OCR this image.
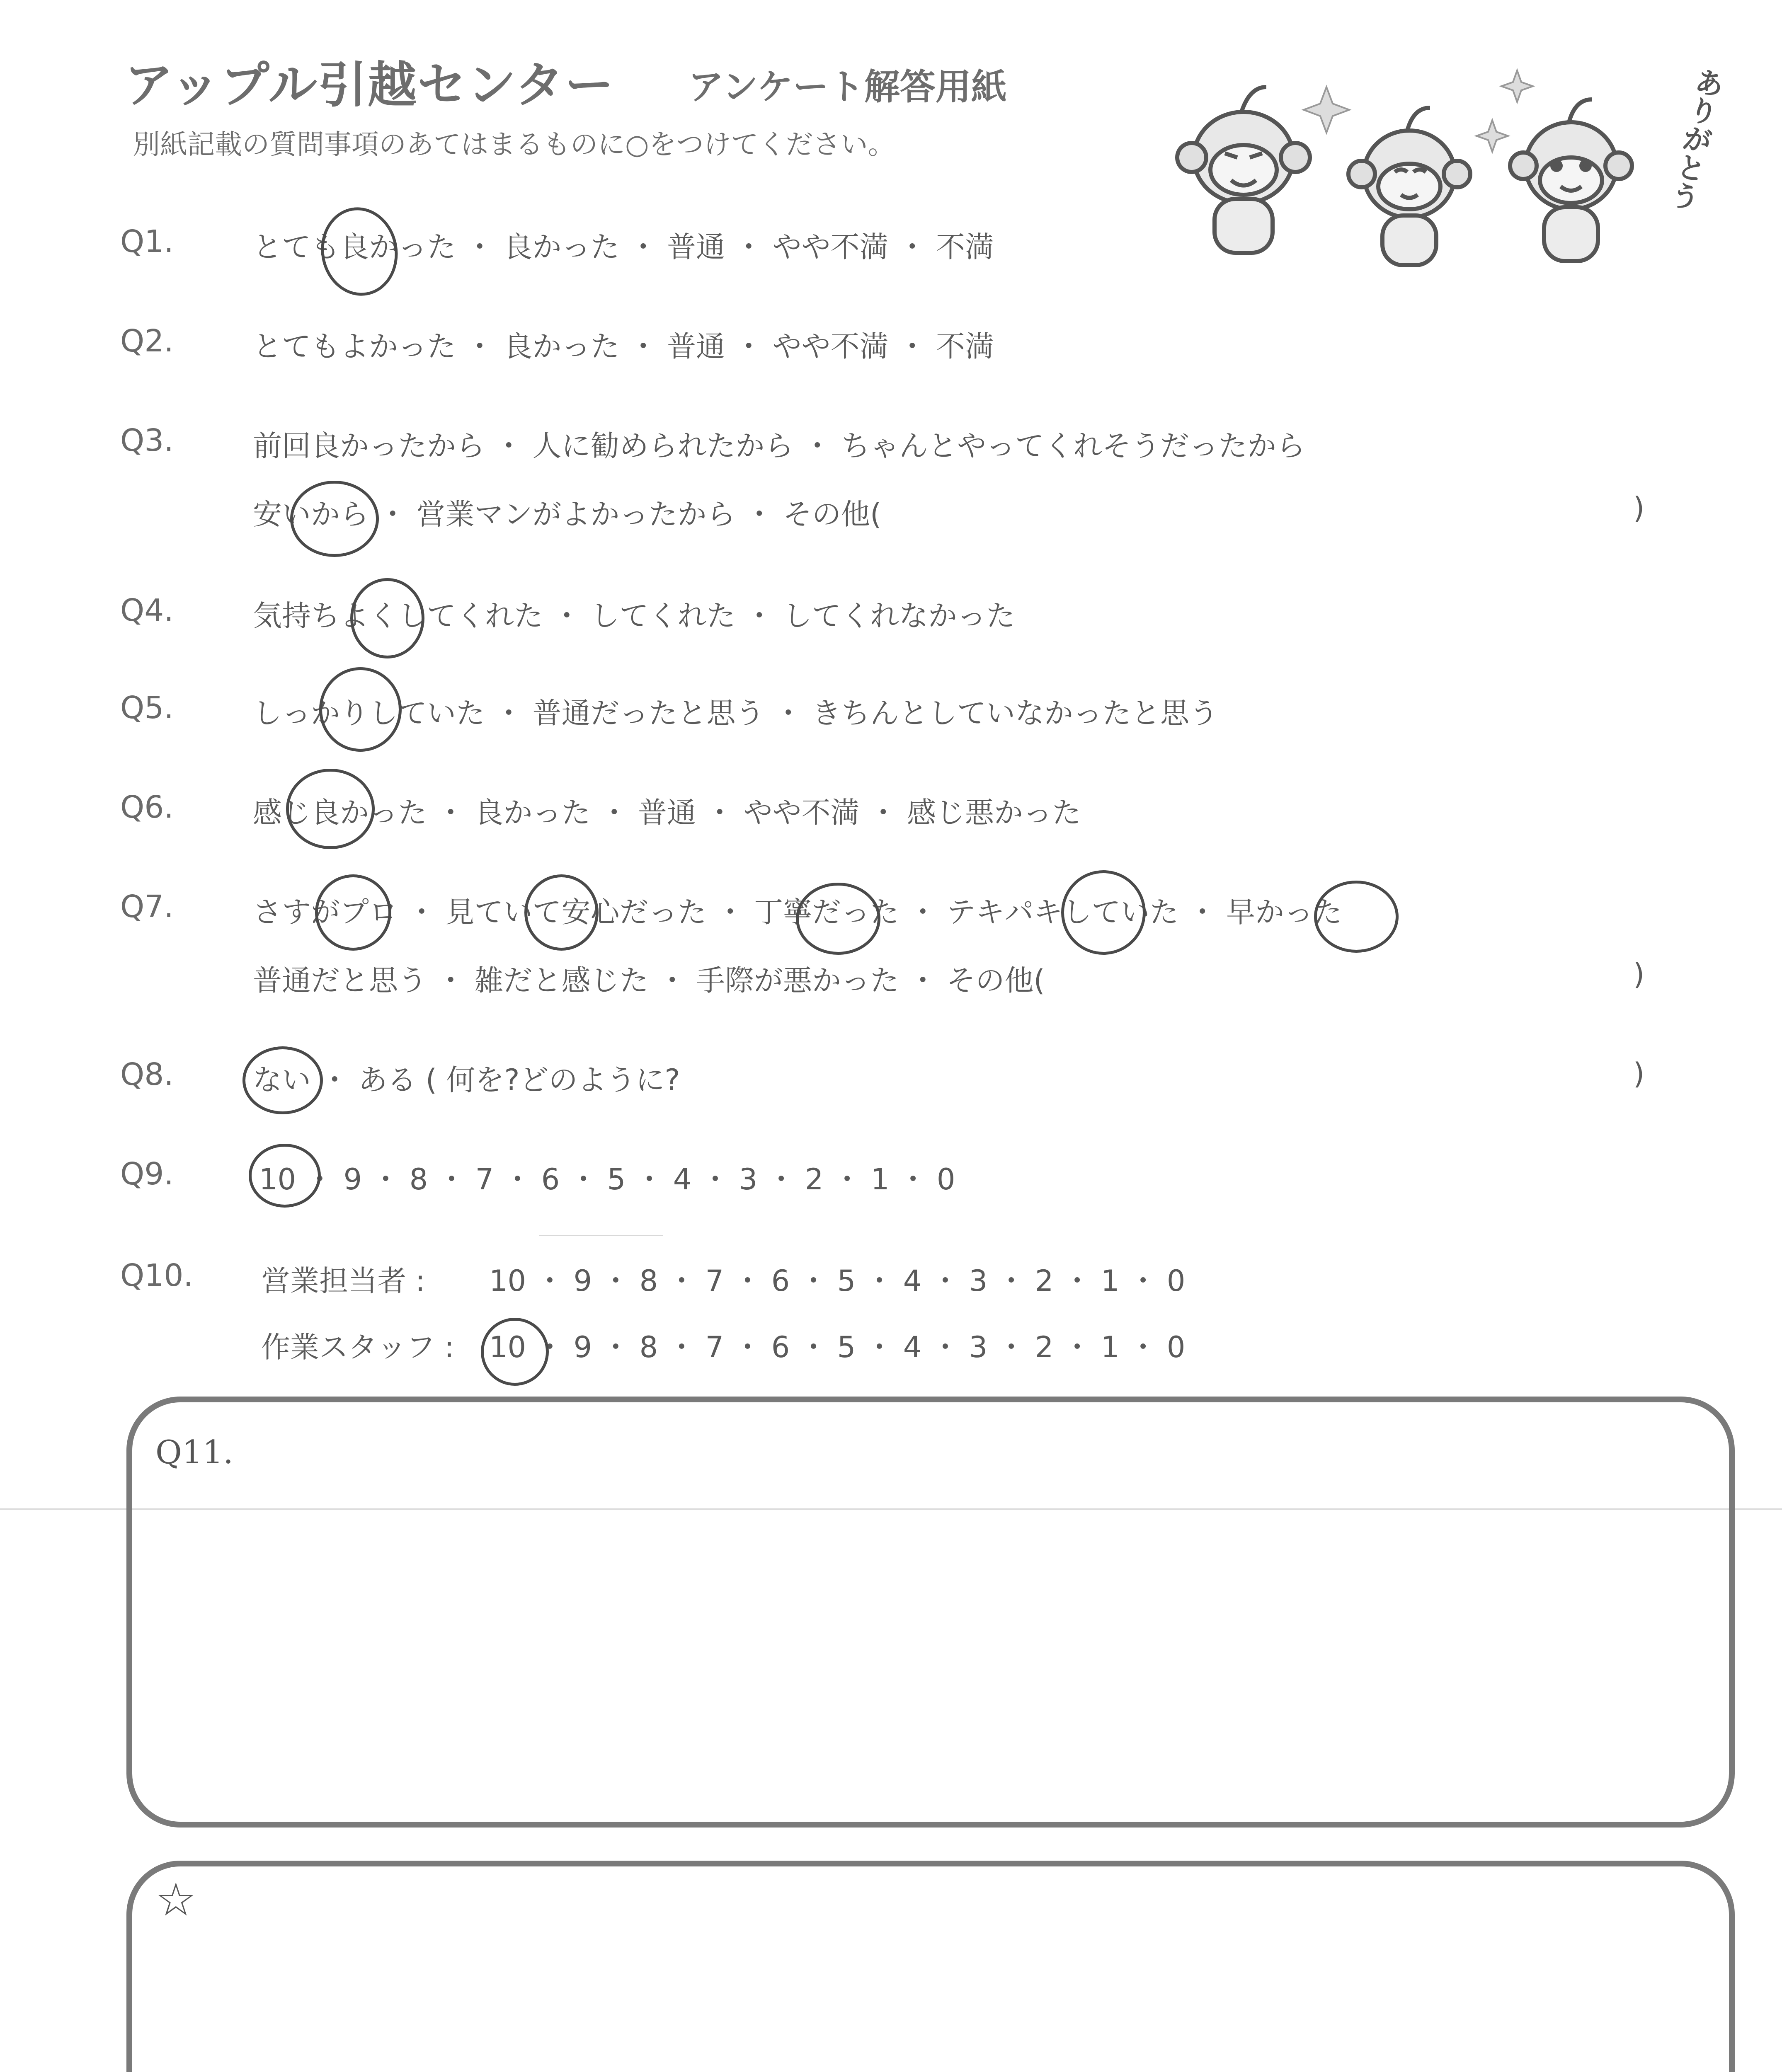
アップル引越センター アンケート解答用紙
別紙記載の質問事項のあてはまるものに○をつけてください。	ありがとう
Q1.	とても良かった ・ 良かった ・ 普通 ・ やや不満 ・ 不満
Q2.	とてもよかった ・ 良かった ・ 普通 ・ やや不満 ・ 不満
Q3.	前回良かったから ・ 人に勧められたから ・ ちゃんとやってくれそうだったから
安いから ・ 営業マンがよかったから ・ その他(	)
Q4.	気持ちよくしてくれた ・ してくれた ・ してくれなかった
Q5.	しっかりしていた ・ 普通だったと思う ・ きちんとしていなかったと思う
Q6.	感じ良かった ・ 良かった ・ 普通 ・ やや不満 ・ 感じ悪かった
Q7.	さすがプロ ・ 見ていて安心だった ・ 丁寧だった ・ テキパキしていた ・ 早かった
普通だと思う ・ 雑だと感じた ・ 手際が悪かった ・ その他(	)
Q8.	ない ・ ある ( 何を?どのように?	)
Q9.	10 ・ 9 ・ 8 ・ 7 ・ 6 ・ 5 ・ 4 ・ 3 ・ 2 ・ 1 ・ 0
Q10. 営業担当者 : 10 ・ 9 ・ 8 ・ 7 ・ 6 ・ 5 ・ 4 ・ 3 ・ 2 ・ 1 ・ 0
作業スタッフ : 10 ・ 9 ・ 8 ・ 7 ・ 6 ・ 5 ・ 4 ・ 3 ・ 2 ・ 1 ・ 0
Q11.
☆
